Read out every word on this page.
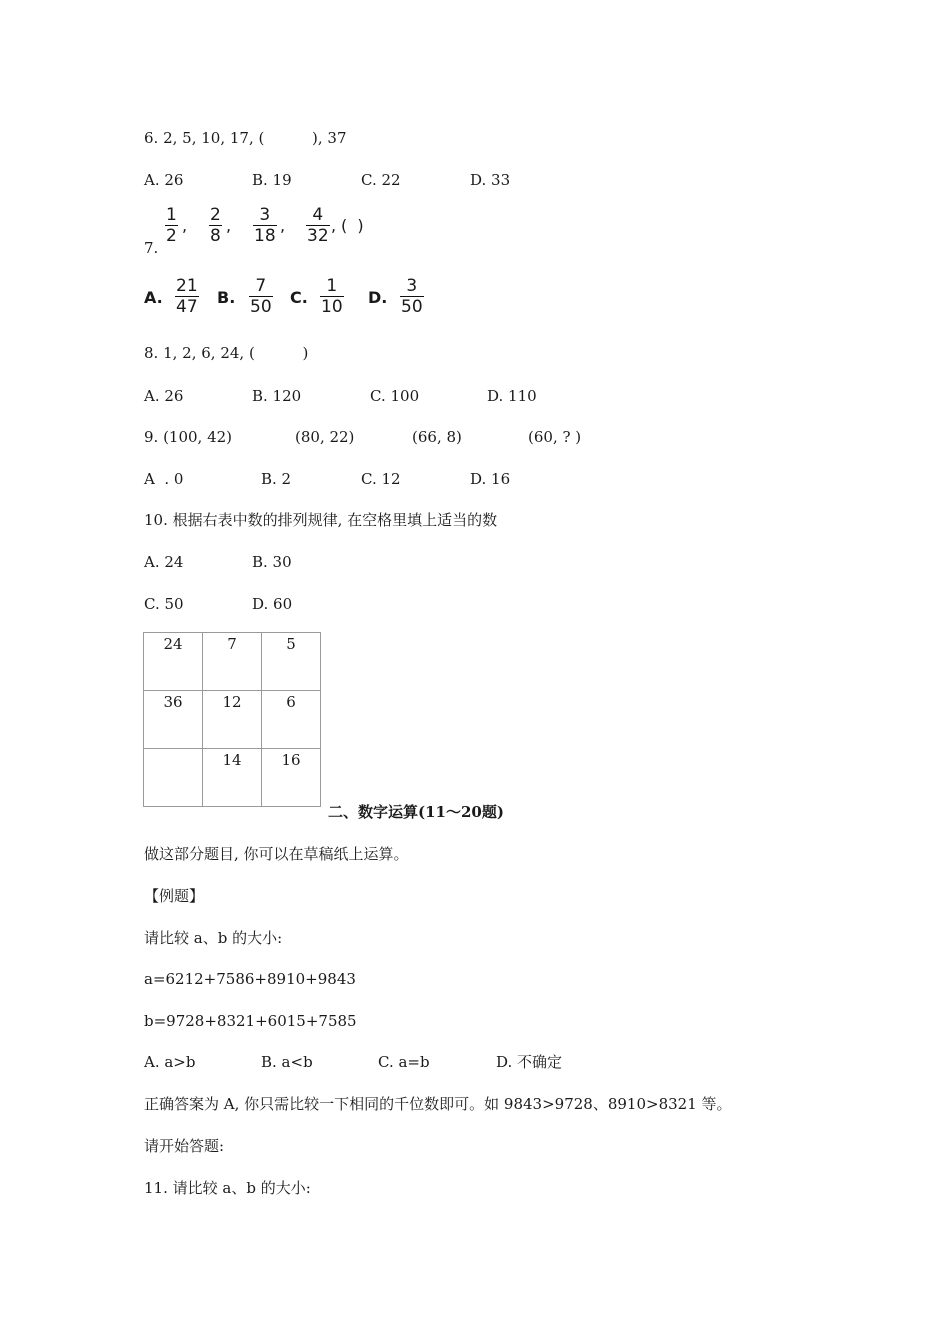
6. 2, 5, 10, 17, (          ), 37
A. 26	B. 19	C. 22	D. 33
7.
1
2
,
2
8
,
3
18
,
4
32
, (  )
A.
21
47 B.
7
50 C.
1
10 D.
3
50
8. 1, 2, 6, 24, (          )
A. 26	B. 120	C. 100	D. 110
9. (100, 42)	(80, 22)	(66, 8)	(60, ? )
A  . 0	B. 2	C. 12	D. 16
10. 根据右表中数的排列规律, 在空格里填上适当的数
A. 24	B. 30
C. 50	D. 60
24	7	5
36	12	6
	14	16
二、数字运算(11～20题)
做这部分题目, 你可以在草稿纸上运算。
【例题】
请比较 a、b 的大小:
a=6212+7586+8910+9843
b=9728+8321+6015+7585
A. a>b	B. a<b	C. a=b	D. 不确定
正确答案为 A, 你只需比较一下相同的千位数即可。如 9843>9728、8910>8321 等。
请开始答题:
11. 请比较 a、b 的大小:
